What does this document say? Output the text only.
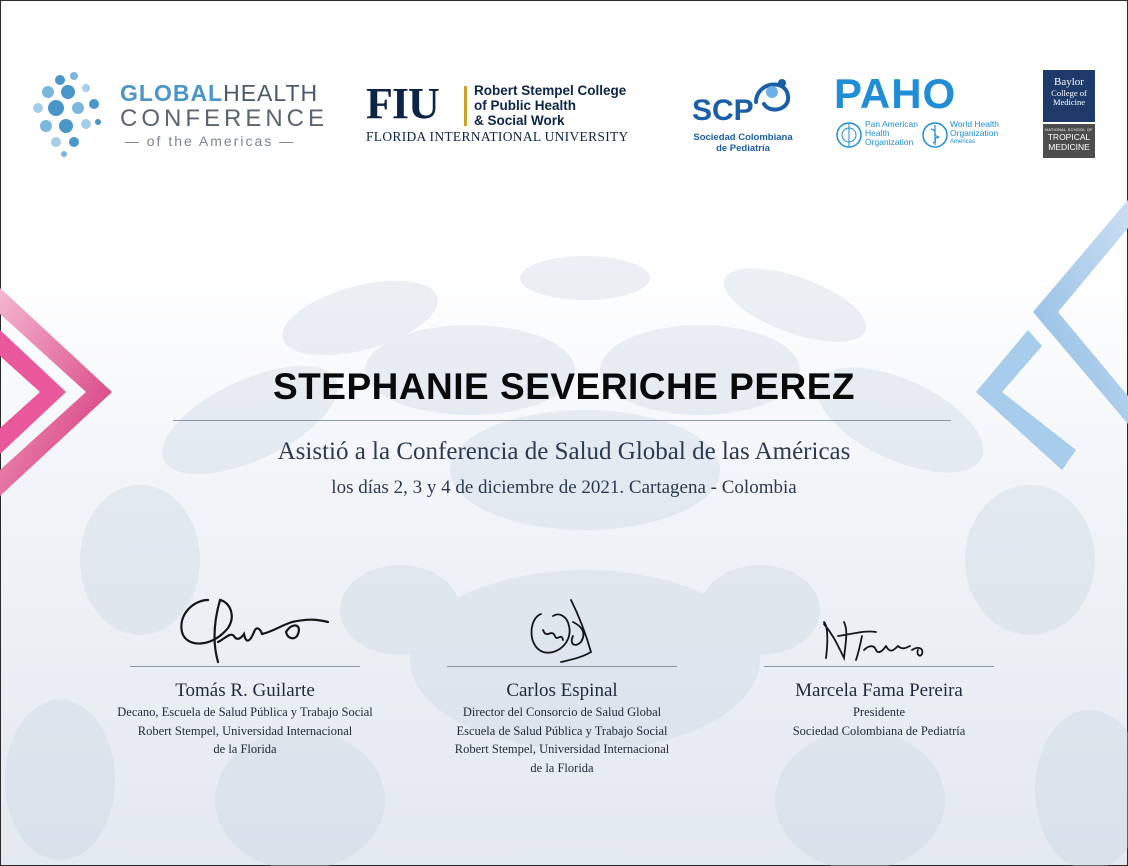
GLOBALHEALTH
CONFERENCE
— of the Americas —
FIU	Robert Stempel College
of Public Health
& Social Work
FLORIDA INTERNATIONAL UNIVERSITY
SCP
Sociedad Colombiana
de Pediatría
PAHO
Pan American
Health
Organization
World Health
Organization
Americas
Baylor
College of
Medicine
NATIONAL SCHOOL OF
TROPICAL
MEDICINE
STEPHANIE SEVERICHE PEREZ
Asistió a la Conferencia de Salud Global de las Américas
los días 2, 3 y 4 de diciembre de 2021. Cartagena - Colombia
Tomás R. Guilarte
Decano, Escuela de Salud Pública y Trabajo Social
Robert Stempel, Universidad Internacional
de la Florida
Carlos Espinal
Director del Consorcio de Salud Global
Escuela de Salud Pública y Trabajo Social
Robert Stempel, Universidad Internacional
de la Florida
Marcela Fama Pereira
Presidente
Sociedad Colombiana de Pediatría
